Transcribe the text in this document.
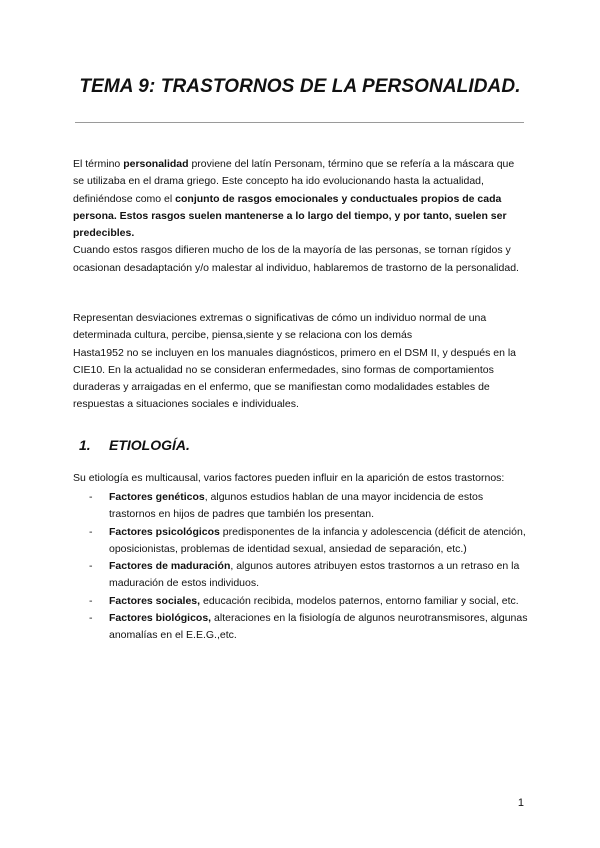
TEMA 9: TRASTORNOS DE LA PERSONALIDAD.

El término personalidad proviene del latín Personam, término que se refería a la máscara que se utilizaba en el drama griego. Este concepto ha ido evolucionando hasta la actualidad, definiéndose como el conjunto de rasgos emocionales y conductuales propios de cada persona. Estos rasgos suelen mantenerse a lo largo del tiempo, y por tanto, suelen ser predecibles.

Cuando estos rasgos difieren mucho de los de la mayoría de las personas, se tornan rígidos y ocasionan desadaptación y/o malestar al individuo, hablaremos de trastorno de la personalidad.

Representan desviaciones extremas o significativas de cómo un individuo normal de una determinada cultura, percibe, piensa,siente y se relaciona con los demás

Hasta1952 no se incluyen en los manuales diagnósticos, primero en el DSM II, y después en la CIE10. En la actualidad no se consideran enfermedades, sino formas de comportamientos duraderas y arraigadas en el enfermo, que se manifiestan como modalidades estables de respuestas a situaciones sociales e individuales.

1. ETIOLOGÍA.
Su etiología es multicausal, varios factores pueden influir en la aparición de estos trastornos:
- Factores genéticos, algunos estudios hablan de una mayor incidencia de estos trastornos en hijos de padres que también los presentan.
- Factores psicológicos predisponentes de la infancia y adolescencia (déficit de atención, oposicionistas, problemas de identidad sexual, ansiedad de separación, etc.)
- Factores de maduración, algunos autores atribuyen estos trastornos a un retraso en la maduración de estos individuos.
- Factores sociales, educación recibida, modelos paternos, entorno familiar y social, etc.
- Factores biológicos, alteraciones en la fisiología de algunos neurotransmisores, algunas anomalías en el E.E.G.,etc.
1
